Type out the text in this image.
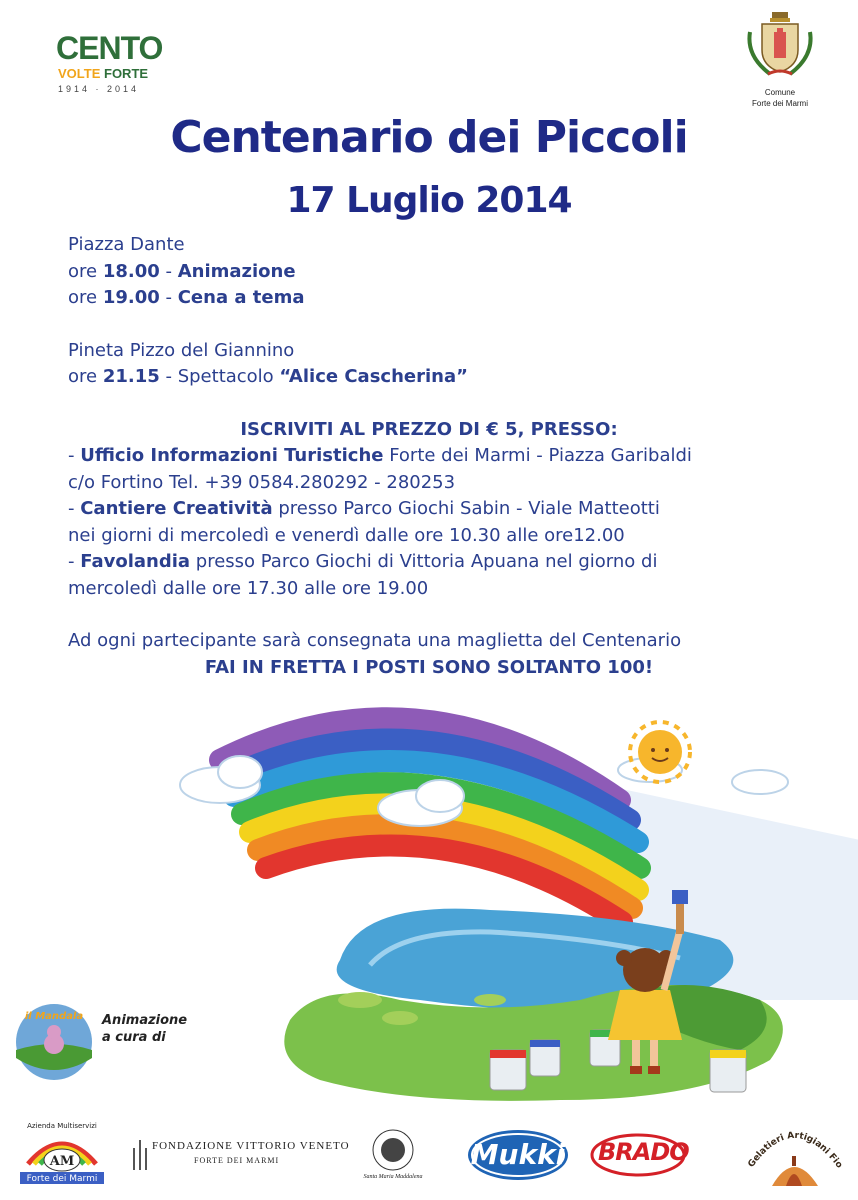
CENTO
VOLTE FORTE
1914 · 2014	Comune
Forte dei Marmi
Centenario dei Piccoli
17 Luglio 2014
Piazza Dante
ore 18.00 - Animazione
ore 19.00 - Cena a tema
Pineta Pizzo del Giannino
ore 21.15 - Spettacolo “Alice Cascherina”
ISCRIVITI AL PREZZO DI € 5, PRESSO:
- Ufficio Informazioni Turistiche Forte dei Marmi - Piazza Garibaldi
c/o Fortino Tel. +39 0584.280292 - 280253
- Cantiere Creatività presso Parco Giochi Sabin - Viale Matteotti
nei giorni di mercoledì e venerdì dalle ore 10.30 alle ore12.00
- Favolandia presso Parco Giochi di Vittoria Apuana nel giorno di
mercoledì dalle ore 17.30 alle ore 19.00
Ad ogni partecipante sarà consegnata una maglietta del Centenario
FAI IN FRETTA I POSTI SONO SOLTANTO 100!
il Mandala Animazione
a cura di
AM
Forte dei Marmi
Azienda Multiservizi
FONDAZIONE VITTORIO VENETO
FORTE DEI MARMI
Santa Maria Maddalena
Mukki BRADO	Gelatieri Artigiani Fio
